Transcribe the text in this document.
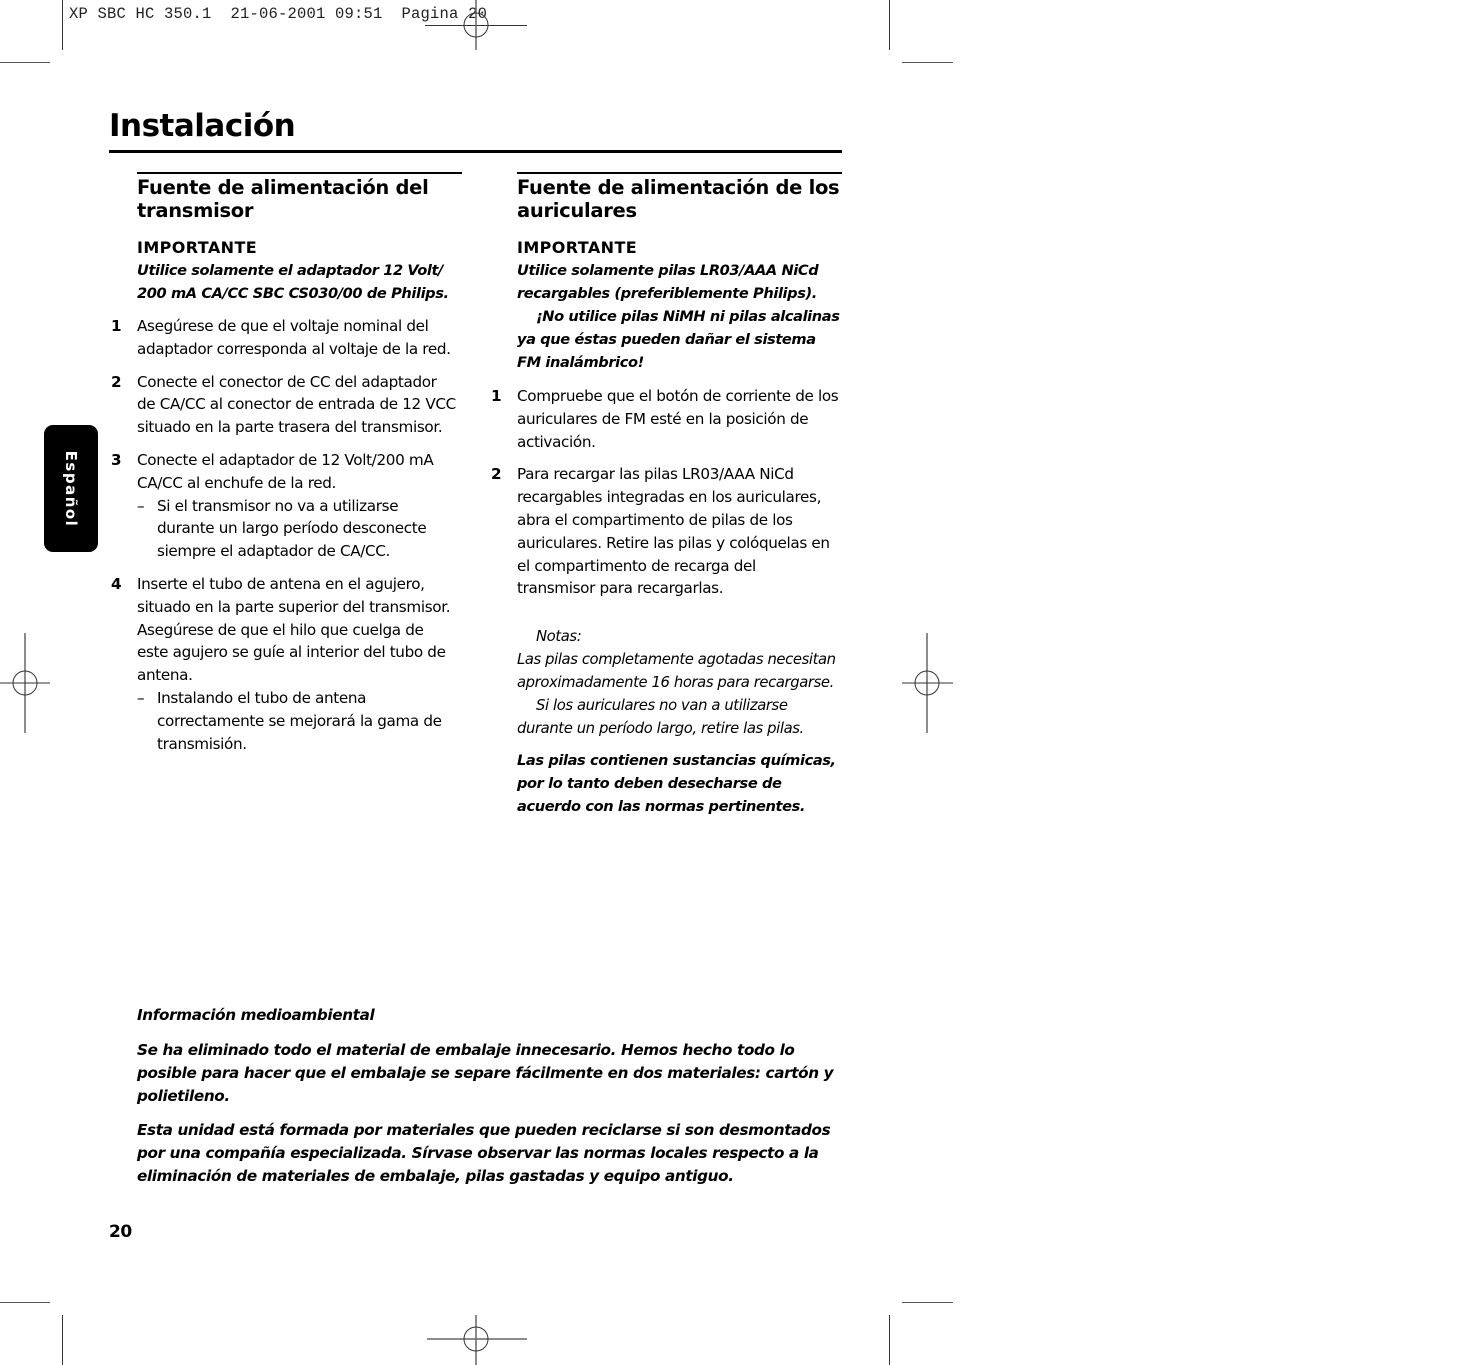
XP SBC HC 350.1  21-06-2001 09:51  Pagina 20
Instalación
Español
Fuente de alimentación del
transmisor
IMPORTANTE
Utilice solamente el adaptador 12 Volt/ 200 mA CA/CC SBC CS030/00 de Philips.
1 Asegúrese de que el voltaje nominal del adaptador corresponda al voltaje de la red.
2 Conecte el conector de CC del adaptador de CA/CC al conector de entrada de 12 VCC situado en la parte trasera del transmisor.
3 Conecte el adaptador de 12 Volt/200 mA CA/CC al enchufe de la red.
– Si el transmisor no va a utilizarse durante un largo período desconecte siempre el adaptador de CA/CC.
4 Inserte el tubo de antena en el agujero, situado en la parte superior del transmisor. Asegúrese de que el hilo que cuelga de este agujero se guíe al interior del tubo de antena.
– Instalando el tubo de antena correctamente se mejorará la gama de transmisión.
Fuente de alimentación de los
auriculares
IMPORTANTE
Utilice solamente pilas LR03/AAA NiCd recargables (preferiblemente Philips).
¡No utilice pilas NiMH ni pilas alcalinas ya que éstas pueden dañar el sistema FM inalámbrico!
1 Compruebe que el botón de corriente de los auriculares de FM esté en la posición de activación.
2 Para recargar las pilas LR03/AAA NiCd recargables integradas en los auriculares, abra el compartimento de pilas de los auriculares. Retire las pilas y colóquelas en el compartimento de recarga del transmisor para recargarlas.
Notas:
Las pilas completamente agotadas necesitan aproximadamente 16 horas para recargarse.
Si los auriculares no van a utilizarse durante un período largo, retire las pilas.
Las pilas contienen sustancias químicas, por lo tanto deben desecharse de acuerdo con las normas pertinentes.
Información medioambiental
Se ha eliminado todo el material de embalaje innecesario. Hemos hecho todo lo posible para hacer que el embalaje se separe fácilmente en dos materiales: cartón y polietileno.
Esta unidad está formada por materiales que pueden reciclarse si son desmontados por una compañía especializada. Sírvase observar las normas locales respecto a la eliminación de materiales de embalaje, pilas gastadas y equipo antiguo.
20
